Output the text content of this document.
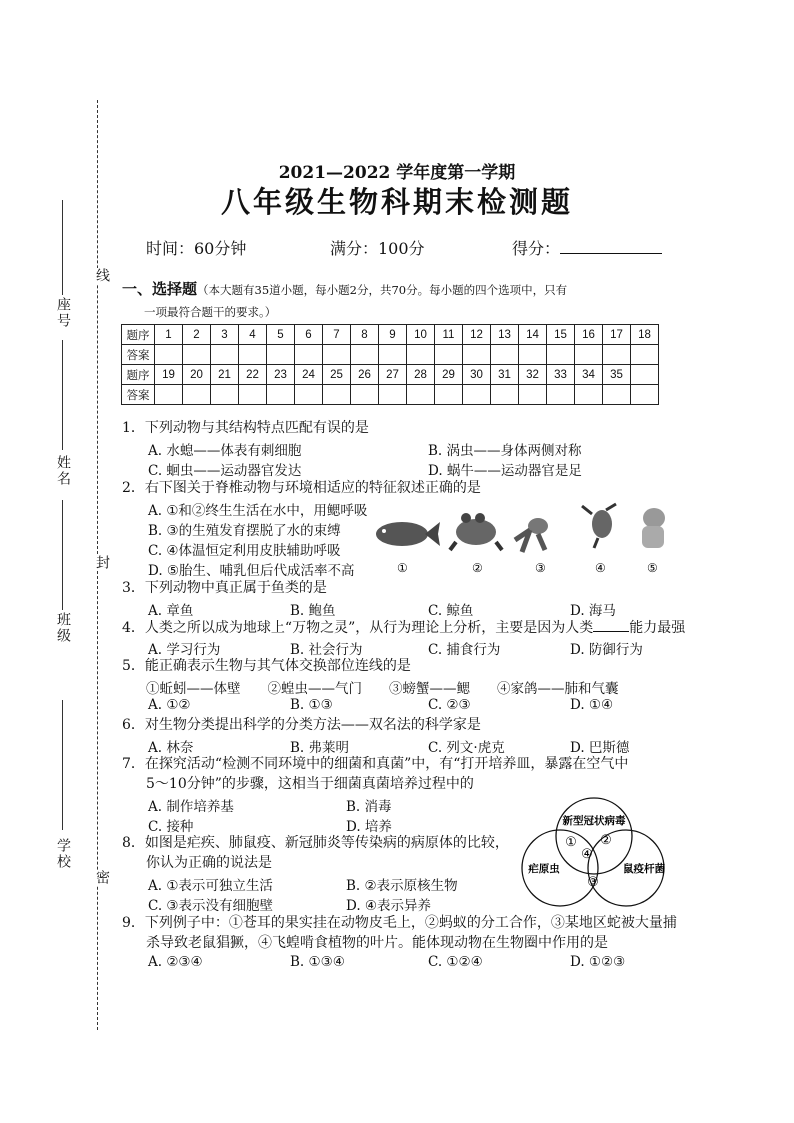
线
封
密
座号
姓名
班级
学校
2021—2022 学年度第一学期
八年级生物科期末检测题
时间：60分钟	满分：100分	得分：
一、选择题（本大题有35道小题，每小题2分，共70分。每小题的四个选项中，只有
一项最符合题干的要求。）
题序	1	2	3	4	5	6	7	8	9	10	11	12	13	14	15	16	17	18
答案																		
题序	19	20	21	22	23	24	25	26	27	28	29	30	31	32	33	34	35	
答案																		
1．下列动物与其结构特点匹配有误的是
A. 水螅——体表有刺细胞	B. 涡虫——身体两侧对称
C. 蛔虫——运动器官发达	D. 蜗牛——运动器官是足
2．右下图关于脊椎动物与环境相适应的特征叙述正确的是
A. ①和②终生生活在水中，用鳃呼吸
B. ③的生殖发育摆脱了水的束缚
C. ④体温恒定利用皮肤辅助呼吸
D. ⑤胎生、哺乳但后代成活率不高	①	②	③	④	⑤
3．下列动物中真正属于鱼类的是
A. 章鱼	B. 鲍鱼	C. 鲸鱼	D. 海马
4．人类之所以成为地球上“万物之灵”，从行为理论上分析，主要是因为人类	能力最强
A. 学习行为	B. 社会行为	C. 捕食行为	D. 防御行为
5．能正确表示生物与其气体交换部位连线的是
①蚯蚓——体壁　　②蝗虫——气门　　③螃蟹——鳃　　④家鸽——肺和气囊
A. ①②	B. ①③	C. ②③	D. ①④
6．对生物分类提出科学的分类方法——双名法的科学家是
A. 林奈	B. 弗莱明	C. 列文·虎克	D. 巴斯德
7．在探究活动“检测不同环境中的细菌和真菌”中，有“打开培养皿，暴露在空气中
5～10分钟”的步骤，这相当于细菌真菌培养过程中的
A. 制作培养基	B. 消毒
C. 接种	D. 培养
8．如图是疟疾、肺鼠疫、新冠肺炎等传染病的病原体的比较，
你认为正确的说法是
A. ①表示可独立生活	B. ②表示原核生物
C. ③表示没有细胞壁	D. ④表示异养
新型冠状病毒
疟原虫	鼠疫杆菌
① ②
③
④
9．下列例子中：①苍耳的果实挂在动物皮毛上，②蚂蚁的分工合作，③某地区蛇被大量捕
杀导致老鼠猖獗，④飞蝗啃食植物的叶片。能体现动物在生物圈中作用的是
A. ②③④	B. ①③④	C. ①②④	D. ①②③
